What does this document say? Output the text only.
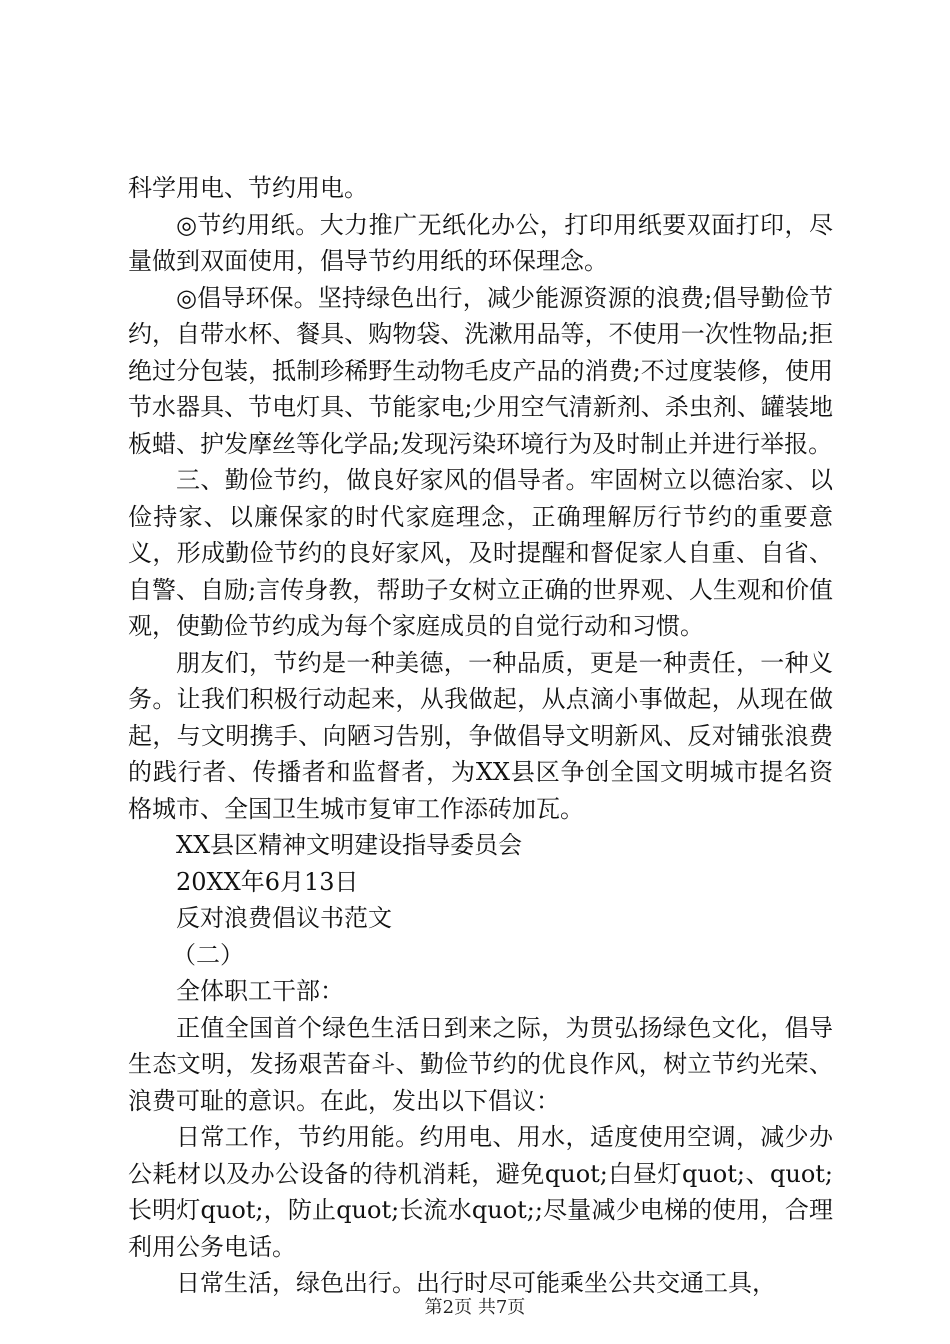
科学用电、节约用电。

◎节约用纸。大力推广无纸化办公，打印用纸要双面打印，尽量做到双面使用，倡导节约用纸的环保理念。

◎倡导环保。坚持绿色出行，减少能源资源的浪费;倡导勤俭节约，自带水杯、餐具、购物袋、洗漱用品等，不使用一次性物品;拒绝过分包装，抵制珍稀野生动物毛皮产品的消费;不过度装修，使用节水器具、节电灯具、节能家电;少用空气清新剂、杀虫剂、罐装地板蜡、护发摩丝等化学品;发现污染环境行为及时制止并进行举报。

三、勤俭节约，做良好家风的倡导者。牢固树立以德治家、以俭持家、以廉保家的时代家庭理念，正确理解厉行节约的重要意义，形成勤俭节约的良好家风，及时提醒和督促家人自重、自省、自警、自励;言传身教，帮助子女树立正确的世界观、人生观和价值观，使勤俭节约成为每个家庭成员的自觉行动和习惯。

朋友们，节约是一种美德，一种品质，更是一种责任，一种义务。让我们积极行动起来，从我做起，从点滴小事做起，从现在做起，与文明携手、向陋习告别，争做倡导文明新风、反对铺张浪费的践行者、传播者和监督者，为XX县区争创全国文明城市提名资格城市、全国卫生城市复审工作添砖加瓦。

XX县区精神文明建设指导委员会

20XX年6月13日

反对浪费倡议书范文

（二）

全体职工干部：

正值全国首个绿色生活日到来之际，为贯弘扬绿色文化，倡导生态文明，发扬艰苦奋斗、勤俭节约的优良作风，树立节约光荣、浪费可耻的意识。在此，发出以下倡议：

日常工作，节约用能。约用电、用水，适度使用空调，减少办公耗材以及办公设备的待机消耗，避免quot;白昼灯quot;、quot;长明灯quot;，防止quot;长流水quot;;尽量减少电梯的使用，合理利用公务电话。

日常生活，绿色出行。出行时尽可能乘坐公共交通工具，

第2页 共7页
